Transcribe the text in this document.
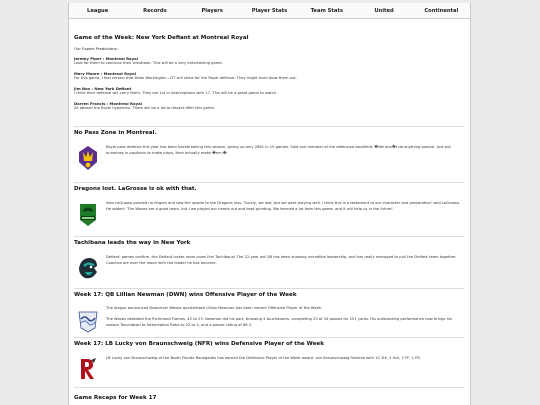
League	Records	Players	Player Stats	Team Stats	United	Continental
Game of the Week: New York Defiant at Montreal Royal
Our Expert Predictions:
Jeremy Piper : Montreal Royal
Look for them to continue their winstreak. This will be a very entertaining game.
Mary Moore : Montreal Royal
For this game, I feel certain that Dean Workington - DT will shine for the Royal defense. They might even blow them out.
Jim Nox : New York Defiant
I think their defense will carry them. They are 1st in interceptions with 17. This will be a great game to watch.
Darren Francis : Montreal Royal
All aboard the Royal hypetrain. There will be a lot to dissect after this game.
No Pass Zone in Montreal.
Royal pass defense this year has been backbreaking this season, giving up only 2861 in 15 games. Said one member of the defensive backfield, �We don�t do anything special. Just put ourselves in positions to make plays- then actually make �em.�.
Dragons lost. LaGrossa is ok with that.
Alex LaGrossa pointed no fingers and saw the upside to the Dragons loss. 'Surely, we lost, but we were playing well. I think this is a testament to our character and preparation' said LaGrossa. He added: 'The Waves are a good team, but I we played our hearts out and kept grinding. We learned a lot from this game, and it will help us in the future'.
Tachibana leads the way in New York
Defiant' games confirm, the Defiant locker room loves Emi Tachibana! The 22-year old QB has been showing incredible leadership, and has really managed to pull the Defiant team together. Coaches are over the moon with the leader he has become.
Week 17: QB Lillian Newman (DWN) wins Offensive Player of the Week
The league announced Downriver Waves quarterback Lillian Newman has been named Offensive Player of the Week.
The Waves defeated the Richmond Flames, 42 to 23. Newman did his part, throwing 4 touchdowns, completing 23 of 34 passes for 251 yards. His outstanding performance now brings his season Touchdown to Interception Ratio to 22 to 5, and a passer rating of 88.3.
Week 17: LB Lucky von Braunschweig (NFR) wins Defensive Player of the Week
LB Lucky von Braunschweig of the North Florida Renegades has earned the Defensive Player of the Week award. von Braunschweig finished with 10 Tck, 2 Sck, 2 FF, 1 FR.
Game Recaps for Week 17
